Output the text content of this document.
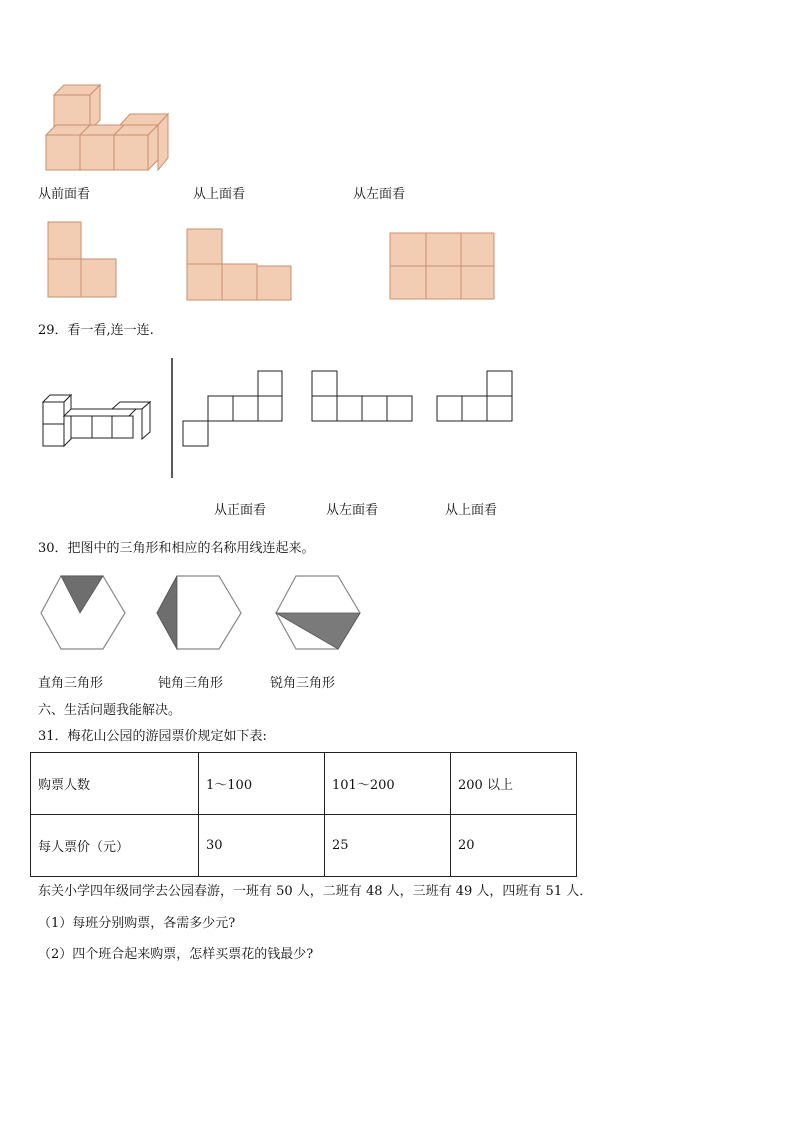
从前面看	从上面看	从左面看
29．看一看,连一连.
从正面看	从左面看	从上面看
30．把图中的三角形和相应的名称用线连起来。
直角三角形	钝角三角形	锐角三角形
六、生活问题我能解决。
31．梅花山公园的游园票价规定如下表:
购票人数	1～100	101～200	200 以上
每人票价（元）	30	25	20
东关小学四年级同学去公园春游，一班有 50 人，二班有 48 人，三班有 49 人，四班有 51 人．
（1）每班分别购票，各需多少元?
（2）四个班合起来购票，怎样买票花的钱最少?
